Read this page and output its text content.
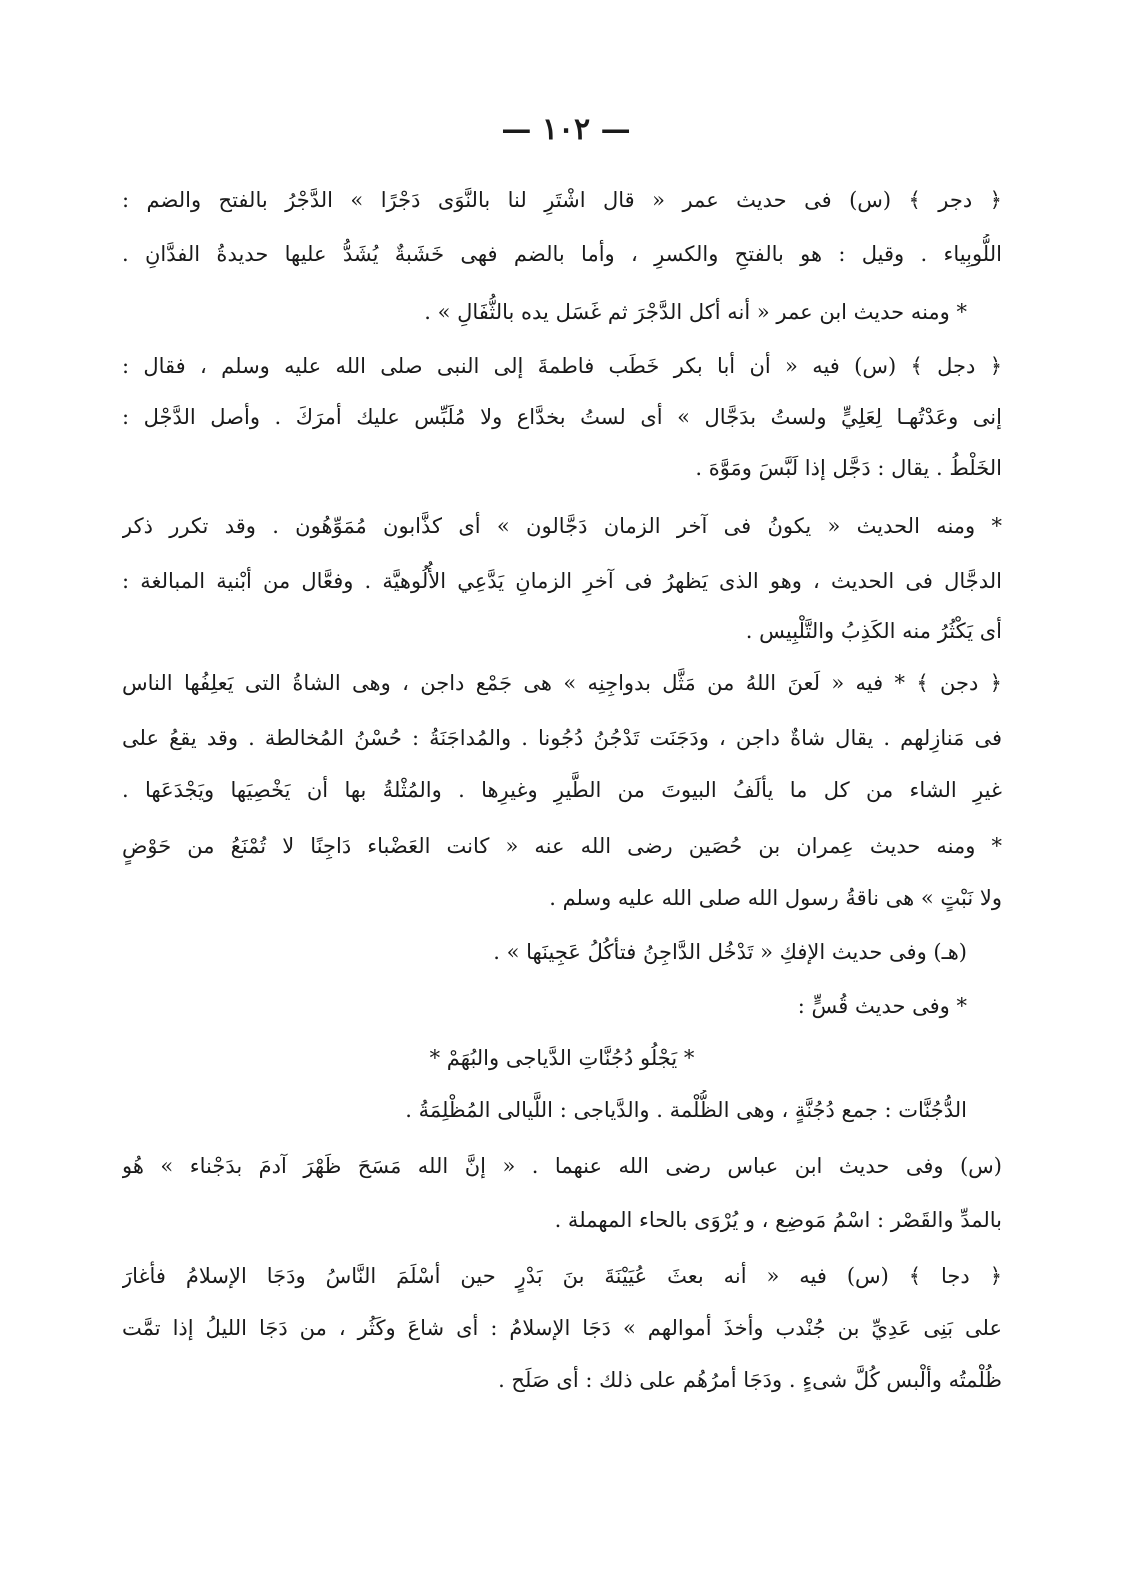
— ١٠٢ —
﴿ دجر ﴾ (س) فى حديث عمر « قال اشْتَرِ لنا بالنَّوَى دَجْرًا » الدَّجْرُ بالفتح والضم :
اللُّوبِياء . وقيل : هو بالفتحِ والكسرِ ، وأما بالضم فهى خَشَبةٌ يُشَدُّ عليها حديدةُ الفدَّانِ .
* ومنه حديث ابن عمر « أنه أكل الدَّجْرَ ثم غَسَل يده بالثُّفَالِ » .
﴿ دجل ﴾ (س) فيه « أن أبا بكر خَطَب فاطمةَ إلى النبى صلى الله عليه وسلم ، فقال :
إنى وعَدْتُهـا لِعَلِيٍّ ولستُ بدَجَّال » أى لستُ بخدَّاع ولا مُلَبِّس عليك أمرَكَ . وأصل الدَّجْل :
الخَلْطُ . يقال : دَجَّل إذا لَبَّسَ ومَوَّهَ .
* ومنه الحديث « يكونُ فى آخر الزمان دَجَّالون » أى كذَّابون مُمَوِّهُون . وقد تكرر ذكر
الدجَّال فى الحديث ، وهو الذى يَظهرُ فى آخرِ الزمانِ يَدَّعِي الأُلُوهيَّة . وفعَّال من أبْنية المبالغة :
أى يَكْثُرُ منه الكَذِبُ والتَّلْبِيس .
﴿ دجن ﴾ * فيه « لَعنَ اللهُ من مَثَّل بدواجِنِه » هى جَمْع داجن ، وهى الشاةُ التى يَعلِفُها الناس
فى مَنازِلهم . يقال شاةٌ داجن ، ودَجَنَت تَدْجُنُ دُجُونا . والمُداجَنَةُ : حُسْنُ المُخالطة . وقد يقعُ على
غيرِ الشاء من كل ما يألَفُ البيوتَ من الطَّيرِ وغيرِها . والمُثْلةُ بها أن يَخْصِيَها ويَجْدَعَها .
* ومنه حديث عِمران بن حُصَين رضى الله عنه « كانت العَضْباء دَاجِنًا لا تُمْنَعُ من حَوْضٍ
ولا نَبْتٍ » هى ناقةُ رسول الله صلى الله عليه وسلم .
(هـ) وفى حديث الإفكِ « تَدْخُل الدَّاجِنُ فتأكُلُ عَجِينَها » .
* وفى حديث قُسٍّ :
* يَجْلُو دُجُنَّاتِ الدَّياجى والبُهَمْ *
الدُّجُنَّات : جمع دُجُنَّةٍ ، وهى الظُّلْمة . والدَّياجى : اللَّيالى المُظْلِمَةُ .
(س) وفى حديث ابن عباس رضى الله عنهما . « إنَّ الله مَسَحَ ظَهْرَ آدمَ بدَجْناء » هُو
بالمدِّ والقَصْر : اسْمُ مَوضِع ، و يُرْوَى بالحاء المهملة .
﴿ دجا ﴾ (س) فيه « أنه بعثَ عُيَيْنَةَ بنَ بَدْرٍ حين أسْلَمَ النَّاسُ ودَجَا الإسلامُ فأغارَ
على بَنِى عَدِيِّ بن جُنْدب وأخذَ أموالهم » دَجَا الإسلامُ : أى شاعَ وكَثُر ، من دَجَا الليلُ إذا تمَّت
ظُلْمتُه وألْبس كُلَّ شىءٍ . ودَجَا أمرُهُم على ذلك : أى صَلَح .
